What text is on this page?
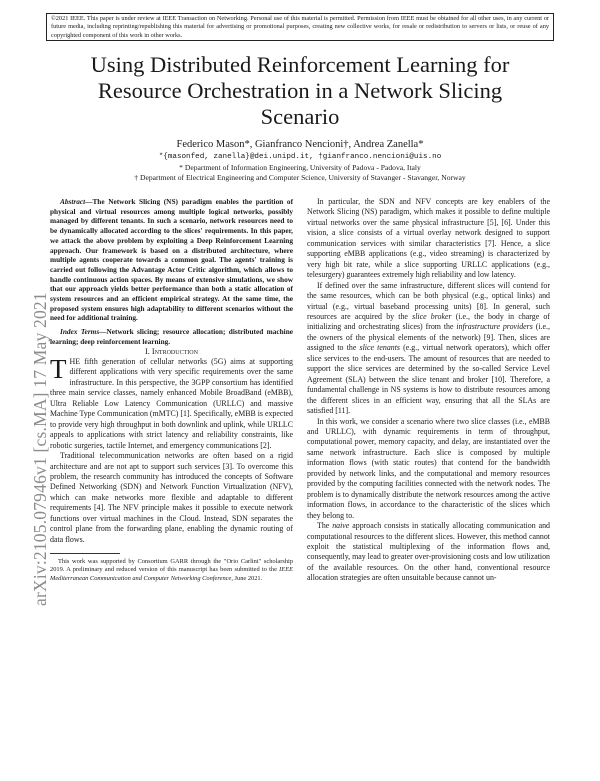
©2021 IEEE. This paper is under review at IEEE Transaction on Networking. Personal use of this material is permitted. Permission from IEEE must be obtained for all other uses, in any current or future media, including reprinting/republishing this material for advertising or promotional purposes, creating new collective works, for resale or redistribution to servers or lists, or reuse of any copyrighted component of this work in other works.
arXiv:2105.07946v1 [cs.MA] 17 May 2021
Using Distributed Reinforcement Learning for
Resource Orchestration in a Network Slicing
Scenario
Federico Mason*, Gianfranco Nencioni†, Andrea Zanella*
*{masonfed, zanella}@dei.unipd.it, †gianfranco.nencioni@uis.no
* Department of Information Engineering, University of Padova - Padova, Italy
† Department of Electrical Engineering and Computer Science, University of Stavanger - Stavanger, Norway

Abstract—The Network Slicing (NS) paradigm enables the partition of physical and virtual resources among multiple logical networks, possibly managed by different tenants. In such a scenario, network resources need to be dynamically allocated according to the slices' requirements. In this paper, we attack the above problem by exploiting a Deep Reinforcement Learning approach. Our framework is based on a distributed architecture, where multiple agents cooperate towards a common goal. The agents' training is carried out following the Advantage Actor Critic algorithm, which allows to handle continuous action spaces. By means of extensive simulations, we show that our approach yields better performance than both a static allocation of system resources and an efficient empirical strategy. At the same time, the proposed system ensures high adaptability to different scenarios without the need for additional training.

Index Terms—Network slicing; resource allocation; distributed machine learning; deep reinforcement learning.

I. Introduction

THE fifth generation of cellular networks (5G) aims at supporting different applications with very specific requirements over the same infrastructure. In this perspective, the 3GPP consortium has identified three main service classes, namely enhanced Mobile BroadBand (eMBB), Ultra Reliable Low Latency Communication (URLLC) and massive Machine Type Communication (mMTC) [1]. Specifically, eMBB is expected to provide very high throughput in both downlink and uplink, while URLLC appeals to applications with strict latency and reliability constraints, like robotic surgeries, tactile Internet, and emergency communications [2].

Traditional telecommunication networks are often based on a rigid architecture and are not apt to support such services [3]. To overcome this problem, the research community has introduced the concepts of Software Defined Networking (SDN) and Network Function Virtualization (NFV), which can make networks more flexible and adaptable to different requirements [4]. The NFV principle makes it possible to execute network functions over virtual machines in the Cloud. Instead, SDN separates the control plane from the forwarding plane, enabling the dynamic routing of data flows.

This work was supported by Consortium GARR through the "Orio Carlini" scholarship 2019. A preliminary and reduced version of this manuscript has been submitted to the IEEE Mediterranean Communication and Computer Networking Conference, June 2021.

In particular, the SDN and NFV concepts are key enablers of the Network Slicing (NS) paradigm, which makes it possible to define multiple virtual networks over the same physical infrastructure [5], [6]. Under this vision, a slice consists of a virtual overlay network designed to support communication services with similar characteristics [7]. Hence, a slice supporting eMBB applications (e.g., video streaming) is characterized by very high bit rate, while a slice supporting URLLC applications (e.g., telesurgery) guarantees extremely high reliability and low latency.

If defined over the same infrastructure, different slices will contend for the same resources, which can be both physical (e.g., optical links) and virtual (e.g., virtual baseband processing units) [8]. In general, such resources are acquired by the slice broker (i.e., the body in charge of initializing and orchestrating slices) from the infrastructure providers (i.e., the owners of the physical elements of the network) [9]. Then, slices are assigned to the slice tenants (e.g., virtual network operators), which offer slice services to the end-users. The amount of resources that are needed to support the slice services are determined by the so-called Service Level Agreement (SLA) between the slice tenant and broker [10]. Therefore, a fundamental challenge in NS systems is how to distribute resources among the different slices in an efficient way, ensuring that all the SLAs are satisfied [11].

In this work, we consider a scenario where two slice classes (i.e., eMBB and URLLC), with dynamic requirements in term of throughput, computational power, memory capacity, and delay, are instantiated over the same network infrastructure. Each slice is composed by multiple information flows (with static routes) that contend for the bandwidth provided by network links, and the computational and memory resources provided by the computing facilities connected with the network nodes. The problem is to dynamically distribute the network resources among the active information flows, in accordance to the characteristic of the slices which they belong to.

The naive approach consists in statically allocating communication and computational resources to the different slices. However, this method cannot exploit the statistical multiplexing of the information flows and, consequently, may lead to greater over-provisioning costs and low utilization of the available resources. On the other hand, conventional resource allocation strategies are often unsuitable because cannot un-
